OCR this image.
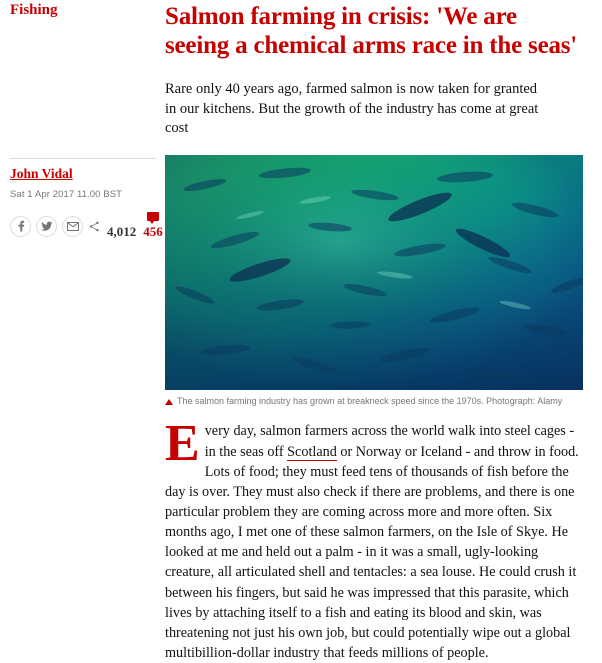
Fishing
John Vidal
Sat 1 Apr 2017 11.00 BST
4,012 456
Salmon farming in crisis: 'We are seeing a chemical arms race in the seas'

Rare only 40 years ago, farmed salmon is now taken for granted in our kitchens. But the growth of the industry has come at great cost

The salmon farming industry has grown at breakneck speed since the 1970s. Photograph: Alamy

Every day, salmon farmers across the world walk into steel cages - in the seas off Scotland or Norway or Iceland - and throw in food. Lots of food; they must feed tens of thousands of fish before the day is over. They must also check if there are problems, and there is one particular problem they are coming across more and more often. Six months ago, I met one of these salmon farmers, on the Isle of Skye. He looked at me and held out a palm - in it was a small, ugly-looking creature, all articulated shell and tentacles: a sea louse. He could crush it between his fingers, but said he was impressed that this parasite, which lives by attaching itself to a fish and eating its blood and skin, was threatening not just his own job, but could potentially wipe out a global multibillion-dollar industry that feeds millions of people.
